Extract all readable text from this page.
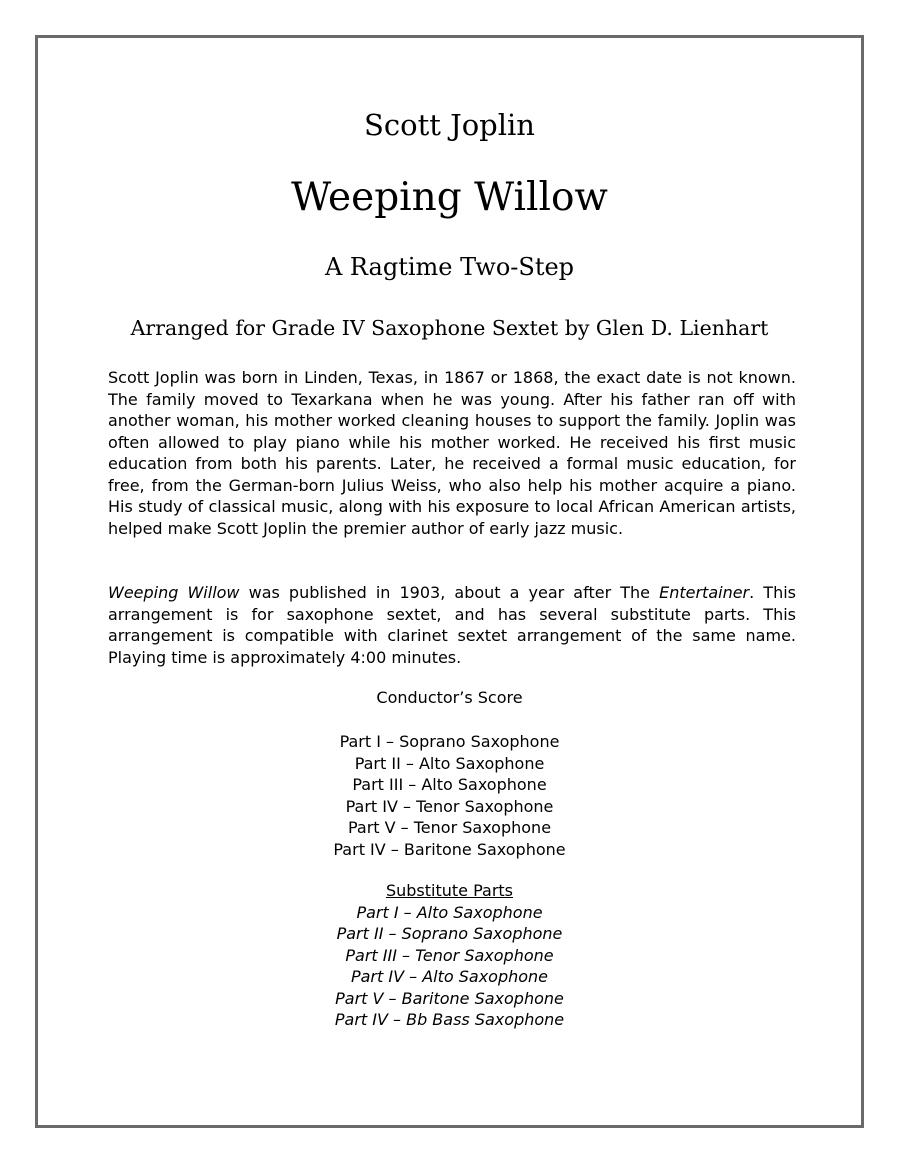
Scott Joplin
Weeping Willow
A Ragtime Two-Step
Arranged for Grade IV Saxophone Sextet by Glen D. Lienhart

Scott Joplin was born in Linden, Texas, in 1867 or 1868, the exact date is not known. The family moved to Texarkana when he was young. After his father ran off with another woman, his mother worked cleaning houses to support the family. Joplin was often allowed to play piano while his mother worked. He received his first music education from both his parents. Later, he received a formal music education, for free, from the German-born Julius Weiss, who also help his mother acquire a piano. His study of classical music, along with his exposure to local African American artists, helped make Scott Joplin the premier author of early jazz music.

Weeping Willow was published in 1903, about a year after The Entertainer. This arrangement is for saxophone sextet, and has several substitute parts. This arrangement is compatible with clarinet sextet arrangement of the same name. Playing time is approximately 4:00 minutes.

Conductor’s Score
Part I – Soprano Saxophone
Part II – Alto Saxophone
Part III – Alto Saxophone
Part IV – Tenor Saxophone
Part V – Tenor Saxophone
Part IV – Baritone Saxophone
Substitute Parts
Part I – Alto Saxophone
Part II – Soprano Saxophone
Part III – Tenor Saxophone
Part IV – Alto Saxophone
Part V – Baritone Saxophone
Part IV – Bb Bass Saxophone
